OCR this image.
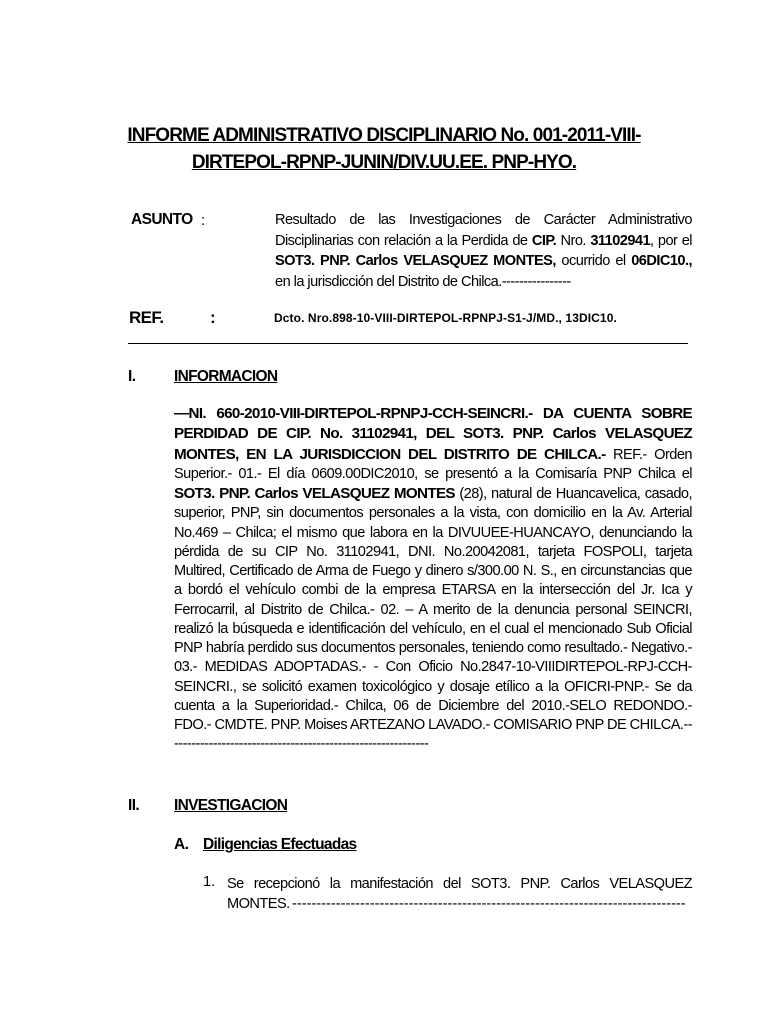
INFORME ADMINISTRATIVO DISCIPLINARIO No. 001-2011-VIII-
DIRTEPOL-RPNP-JUNIN/DIV.UU.EE. PNP-HYO.
ASUNTO :	Resultado de las Investigaciones de Carácter Administrativo Disciplinarias con relación a la Perdida de CIP. Nro. 31102941, por el SOT3. PNP. Carlos VELASQUEZ MONTES, ocurrido el 06DIC10., en la jurisdicción del Distrito de Chilca.----------------
REF.	:	Dcto. Nro.898-10-VIII-DIRTEPOL-RPNPJ-S1-J/MD., 13DIC10.
I. INFORMACION
—NI. 660-2010-VIII-DIRTEPOL-RPNPJ-CCH-SEINCRI.- DA CUENTA SOBRE PERDIDAD DE CIP. No. 31102941, DEL SOT3. PNP. Carlos VELASQUEZ MONTES, EN LA JURISDICCION DEL DISTRITO DE CHILCA.- REF.- Orden Superior.- 01.- El día 0609.00DIC2010, se presentó a la Comisaría PNP Chilca el SOT3. PNP. Carlos VELASQUEZ MONTES (28), natural de Huancavelica, casado, superior, PNP, sin documentos personales a la vista, con domicilio en la Av. Arterial No.469 – Chilca; el mismo que labora en la DIVUUEE-HUANCAYO, denunciando la pérdida de su CIP No. 31102941, DNI. No.20042081, tarjeta FOSPOLI, tarjeta Multired, Certificado de Arma de Fuego y dinero s/300.00 N. S., en circunstancias que a bordó el vehículo combi de la empresa ETARSA en la intersección del Jr. Ica y Ferrocarril, al Distrito de Chilca.- 02. – A merito de la denuncia personal SEINCRI, realizó la búsqueda e identificación del vehículo, en el cual el mencionado Sub Oficial PNP habría perdido sus documentos personales, teniendo como resultado.- Negativo.- 03.- MEDIDAS ADOPTADAS.- - Con Oficio No.2847-10-VIIIDIRTEPOL-RPJ-CCH-SEINCRI., se solicitó examen toxicológico y dosaje etílico a la OFICRI-PNP.- Se da cuenta a la Superioridad.- Chilca, 06 de Diciembre del 2010.-SELO REDONDO.- FDO.- CMDTE. PNP. Moises ARTEZANO LAVADO.- COMISARIO PNP DE CHILCA.-------------------------------------------------------------
II. INVESTIGACION
A. Diligencias Efectuadas
1. Se recepcionó la manifestación del SOT3. PNP. Carlos VELASQUEZ MONTES. ---------------------------------------------------------------------------------
